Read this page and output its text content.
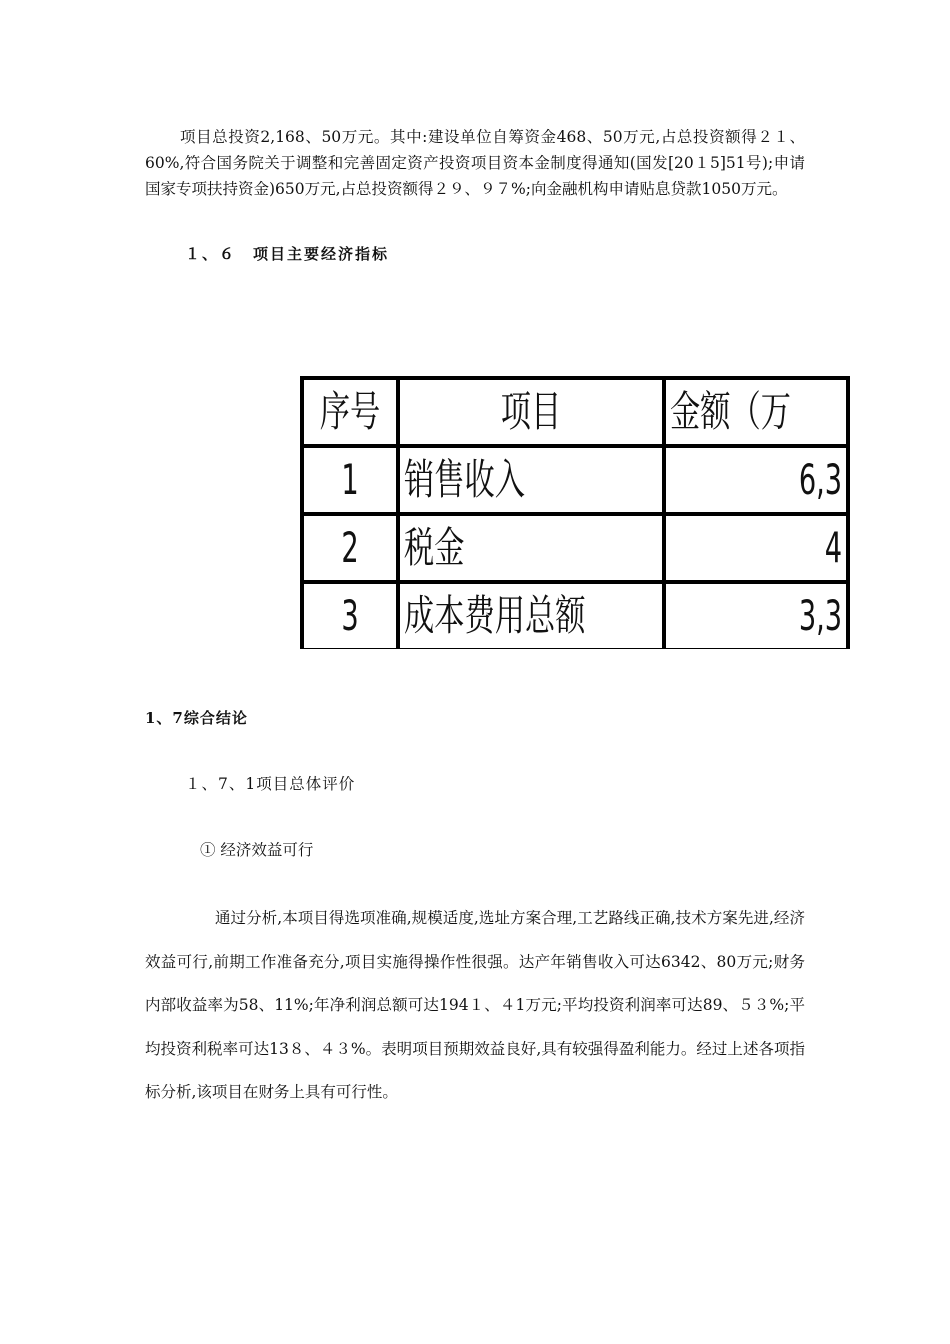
项目总投资2,168、50万元。其中:建设单位自筹资金468、50万元,占总投资额得２１、60%,符合国务院关于调整和完善固定资产投资项目资本金制度得通知(国发[20１5]51号);申请国家专项扶持资金)650万元,占总投资额得２９、９７%;向金融机构申请贴息贷款1050万元。

１、６　项目主要经济指标

序号	项目	金额（万
1	销售收入	6,3
2	税金	4
3	成本费用总额	3,3

1、7综合结论

１、7、1项目总体评价

① 经济效益可行

通过分析,本项目得选项准确,规模适度,选址方案合理,工艺路线正确,技术方案先进,经济效益可行,前期工作准备充分,项目实施得操作性很强。达产年销售收入可达6342、80万元;财务内部收益率为58、11%;年净利润总额可达194１、４1万元;平均投资利润率可达89、５３%;平均投资利税率可达13８、４３%。表明项目预期效益良好,具有较强得盈利能力。经过上述各项指标分析,该项目在财务上具有可行性。
